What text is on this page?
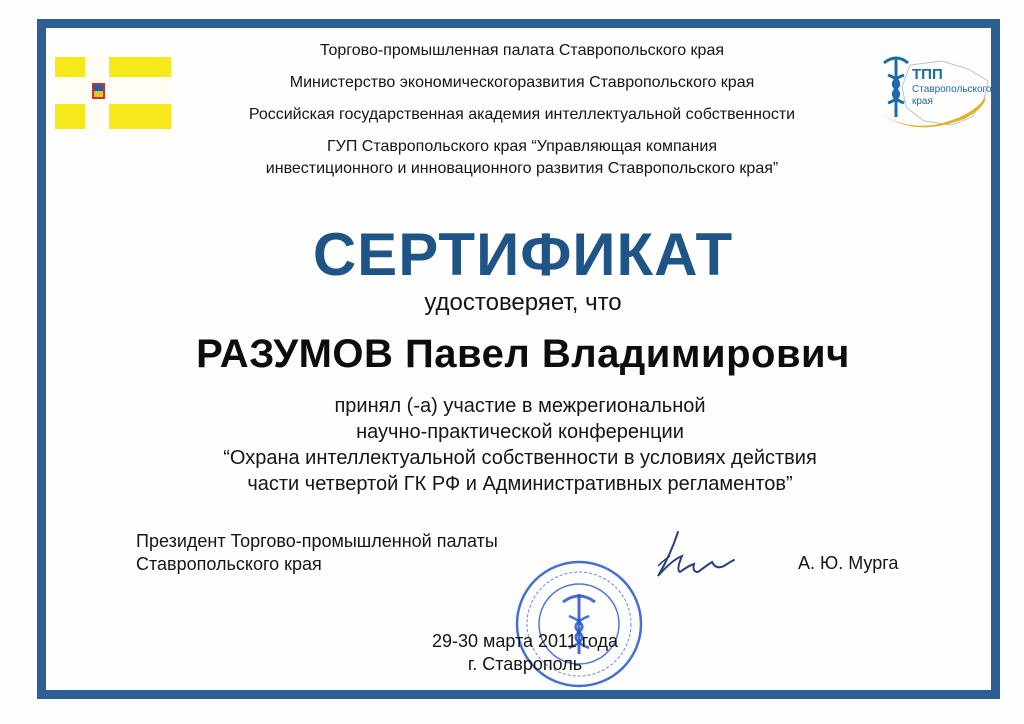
ТПП
Ставропольского
края
Торгово-промышленная палата Ставропольского края
Министерство экономическогоразвития Ставропольского края
Российская государственная академия интеллектуальной собственности
ГУП Ставропольского края “Управляющая компания
инвестиционного и инновационного развития Ставропольского края”
СЕРТИФИКАТ
удостоверяет, что
РАЗУМОВ Павел Владимирович
принял (-а) участие в межрегиональной
научно-практической конференции
“Охрана интеллектуальной собственности в условиях действия
части четвертой ГК РФ и Административных регламентов”
Президент Торгово-промышленной палаты
Ставропольского края	А. Ю. Мурга
29-30 марта 2011 года
г. Ставрополь
